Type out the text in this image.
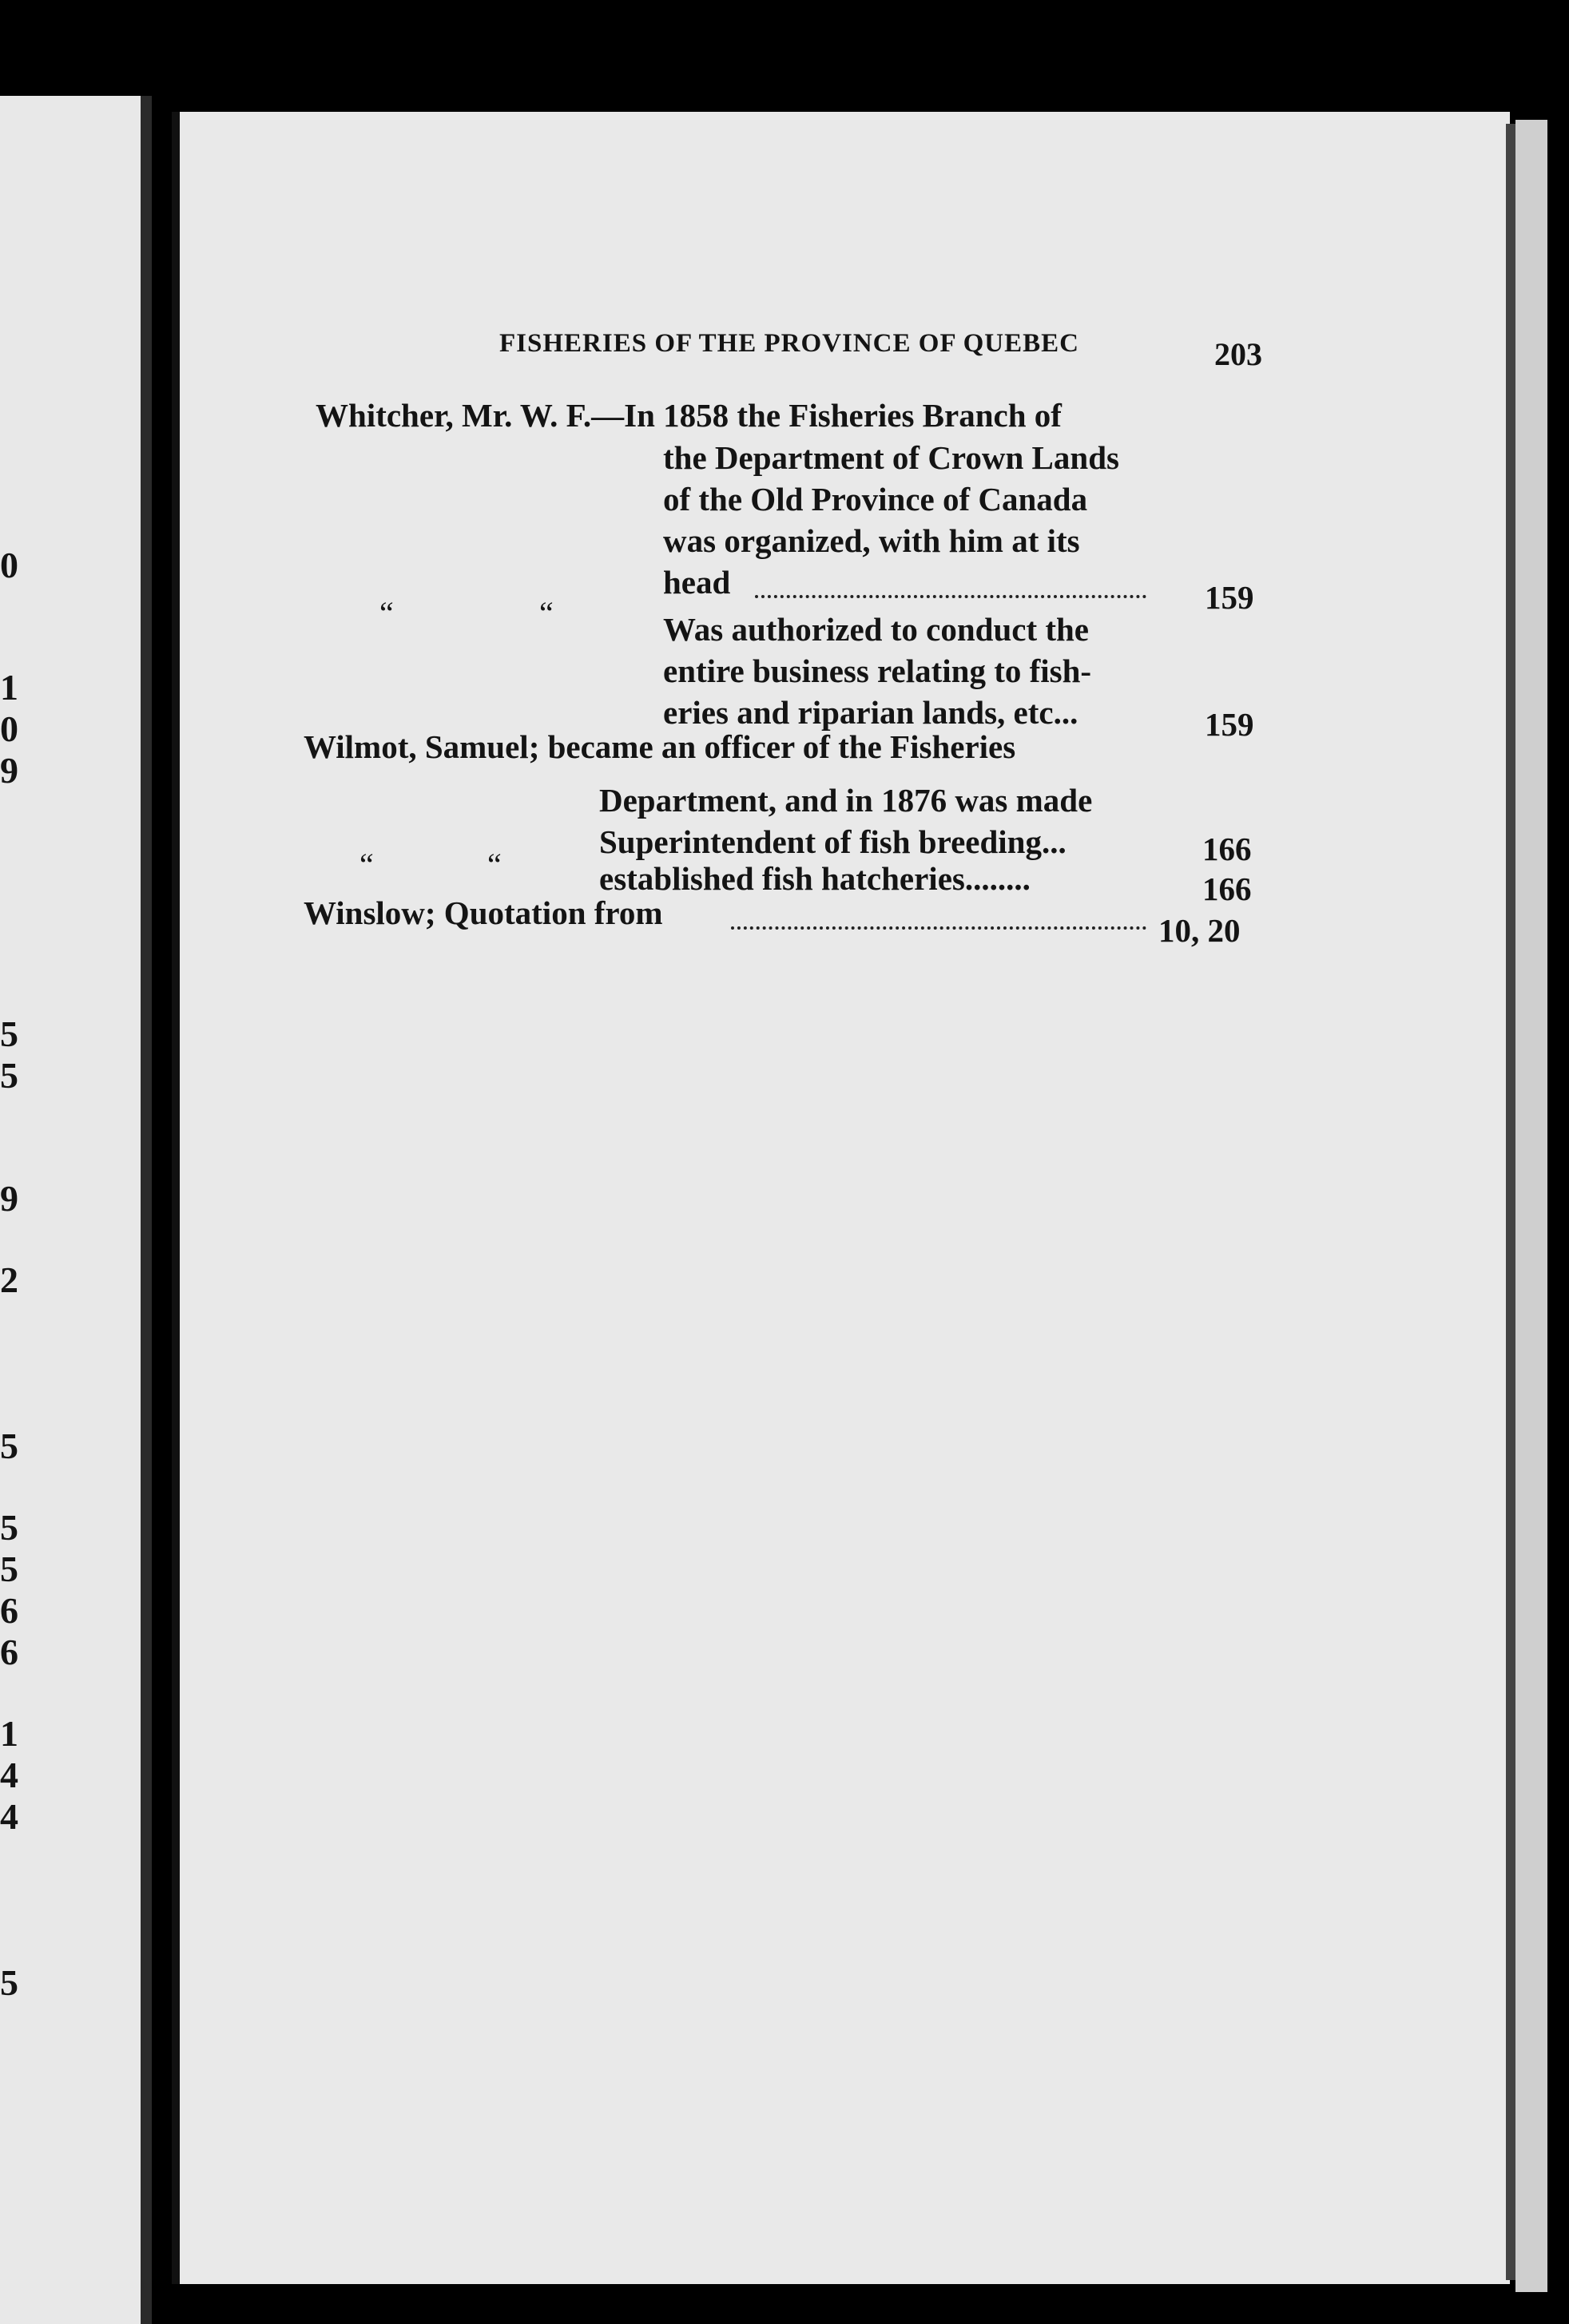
0
1
0
9
5
5
9
2
5
5
5
6
6
1
4
4
5
FISHERIES OF THE PROVINCE OF QUEBEC	203
Whitcher, Mr. W. F.—In 1858 the Fisheries Branch of
the Department of Crown Lands
of the Old Province of Canada
was organized, with him at its
head	159
“	“	Was authorized to conduct the
entire business relating to fish-
eries and riparian lands, etc...	159
Wilmot, Samuel; became an officer of the Fisheries
Department, and in 1876 was made
Superintendent of fish breeding...	166
“	“	established fish hatcheries........	166
Winslow; Quotation from	10, 20
